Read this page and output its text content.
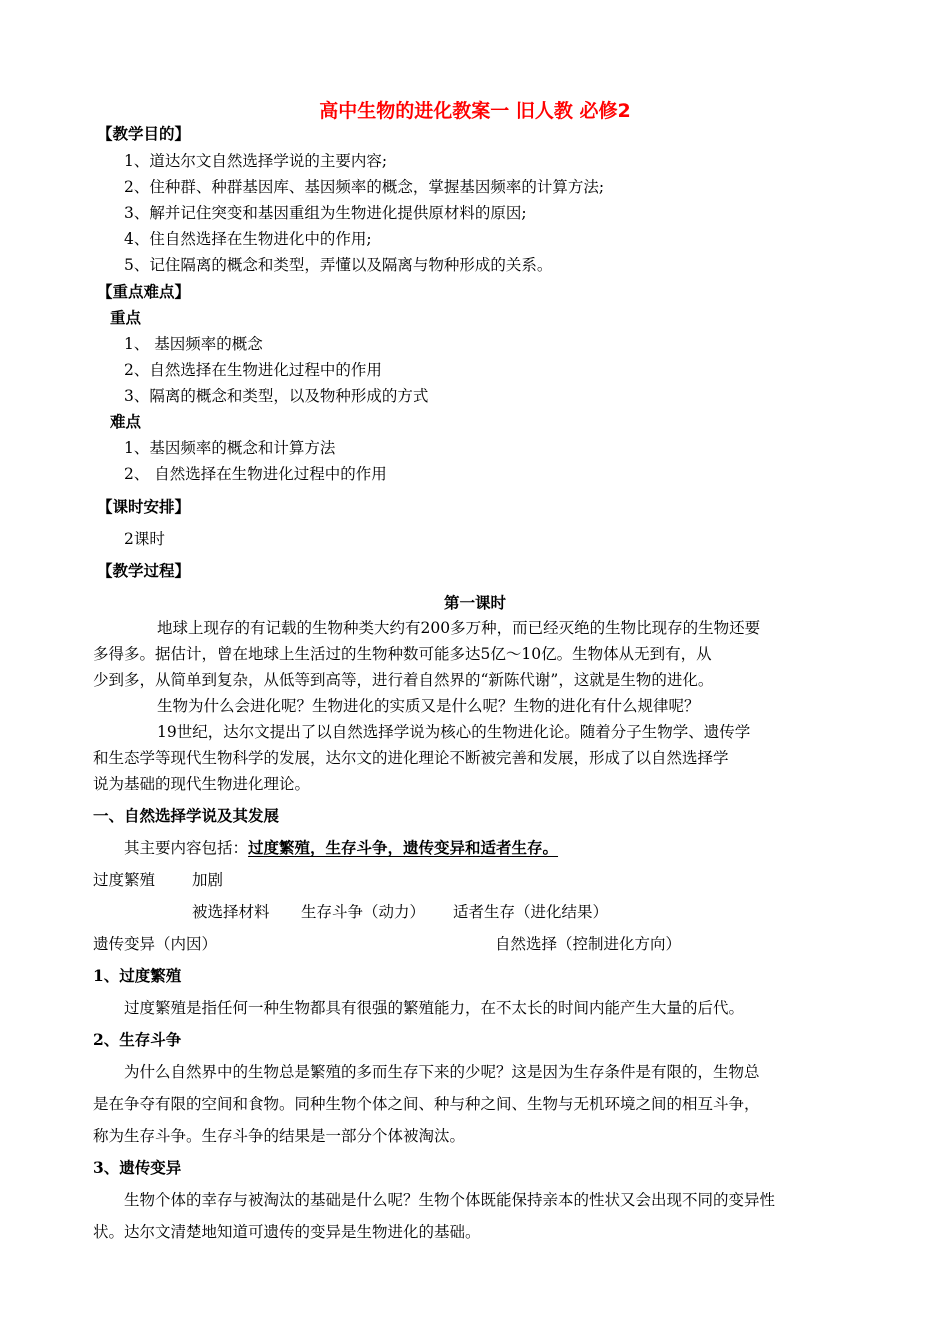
高中生物的进化教案一 旧人教 必修2
【教学目的】
1、道达尔文自然选择学说的主要内容;
2、住种群、种群基因库、基因频率的概念，掌握基因频率的计算方法;
3、解并记住突变和基因重组为生物进化提供原材料的原因;
4、住自然选择在生物进化中的作用;
5、记住隔离的概念和类型，弄懂以及隔离与物种形成的关系。
【重点难点】
重点
1、 基因频率的概念
2、自然选择在生物进化过程中的作用
3、隔离的概念和类型，以及物种形成的方式
难点
1、基因频率的概念和计算方法
2、 自然选择在生物进化过程中的作用
【课时安排】
2课时
【教学过程】
第一课时
地球上现存的有记载的生物种类大约有200多万种，而已经灭绝的生物比现存的生物还要
多得多。据估计，曾在地球上生活过的生物种数可能多达5亿～10亿。生物体从无到有，从
少到多，从简单到复杂，从低等到高等，进行着自然界的“新陈代谢”，这就是生物的进化。
生物为什么会进化呢？生物进化的实质又是什么呢？生物的进化有什么规律呢？
19世纪，达尔文提出了以自然选择学说为核心的生物进化论。随着分子生物学、遗传学
和生态学等现代生物科学的发展，达尔文的进化理论不断被完善和发展，形成了以自然选择学
说为基础的现代生物进化理论。
一、自然选择学说及其发展
其主要内容包括：过度繁殖，生存斗争，遗传变异和适者生存。
过度繁殖 加剧
被选择材料 生存斗争（动力） 适者生存（进化结果）
遗传变异（内因）	自然选择（控制进化方向）
1、过度繁殖
过度繁殖是指任何一种生物都具有很强的繁殖能力，在不太长的时间内能产生大量的后代。
2、生存斗争
为什么自然界中的生物总是繁殖的多而生存下来的少呢？这是因为生存条件是有限的，生物总
是在争夺有限的空间和食物。同种生物个体之间、种与种之间、生物与无机环境之间的相互斗争，
称为生存斗争。生存斗争的结果是一部分个体被淘汰。
3、遗传变异
生物个体的幸存与被淘汰的基础是什么呢？生物个体既能保持亲本的性状又会出现不同的变异性
状。达尔文清楚地知道可遗传的变异是生物进化的基础。
